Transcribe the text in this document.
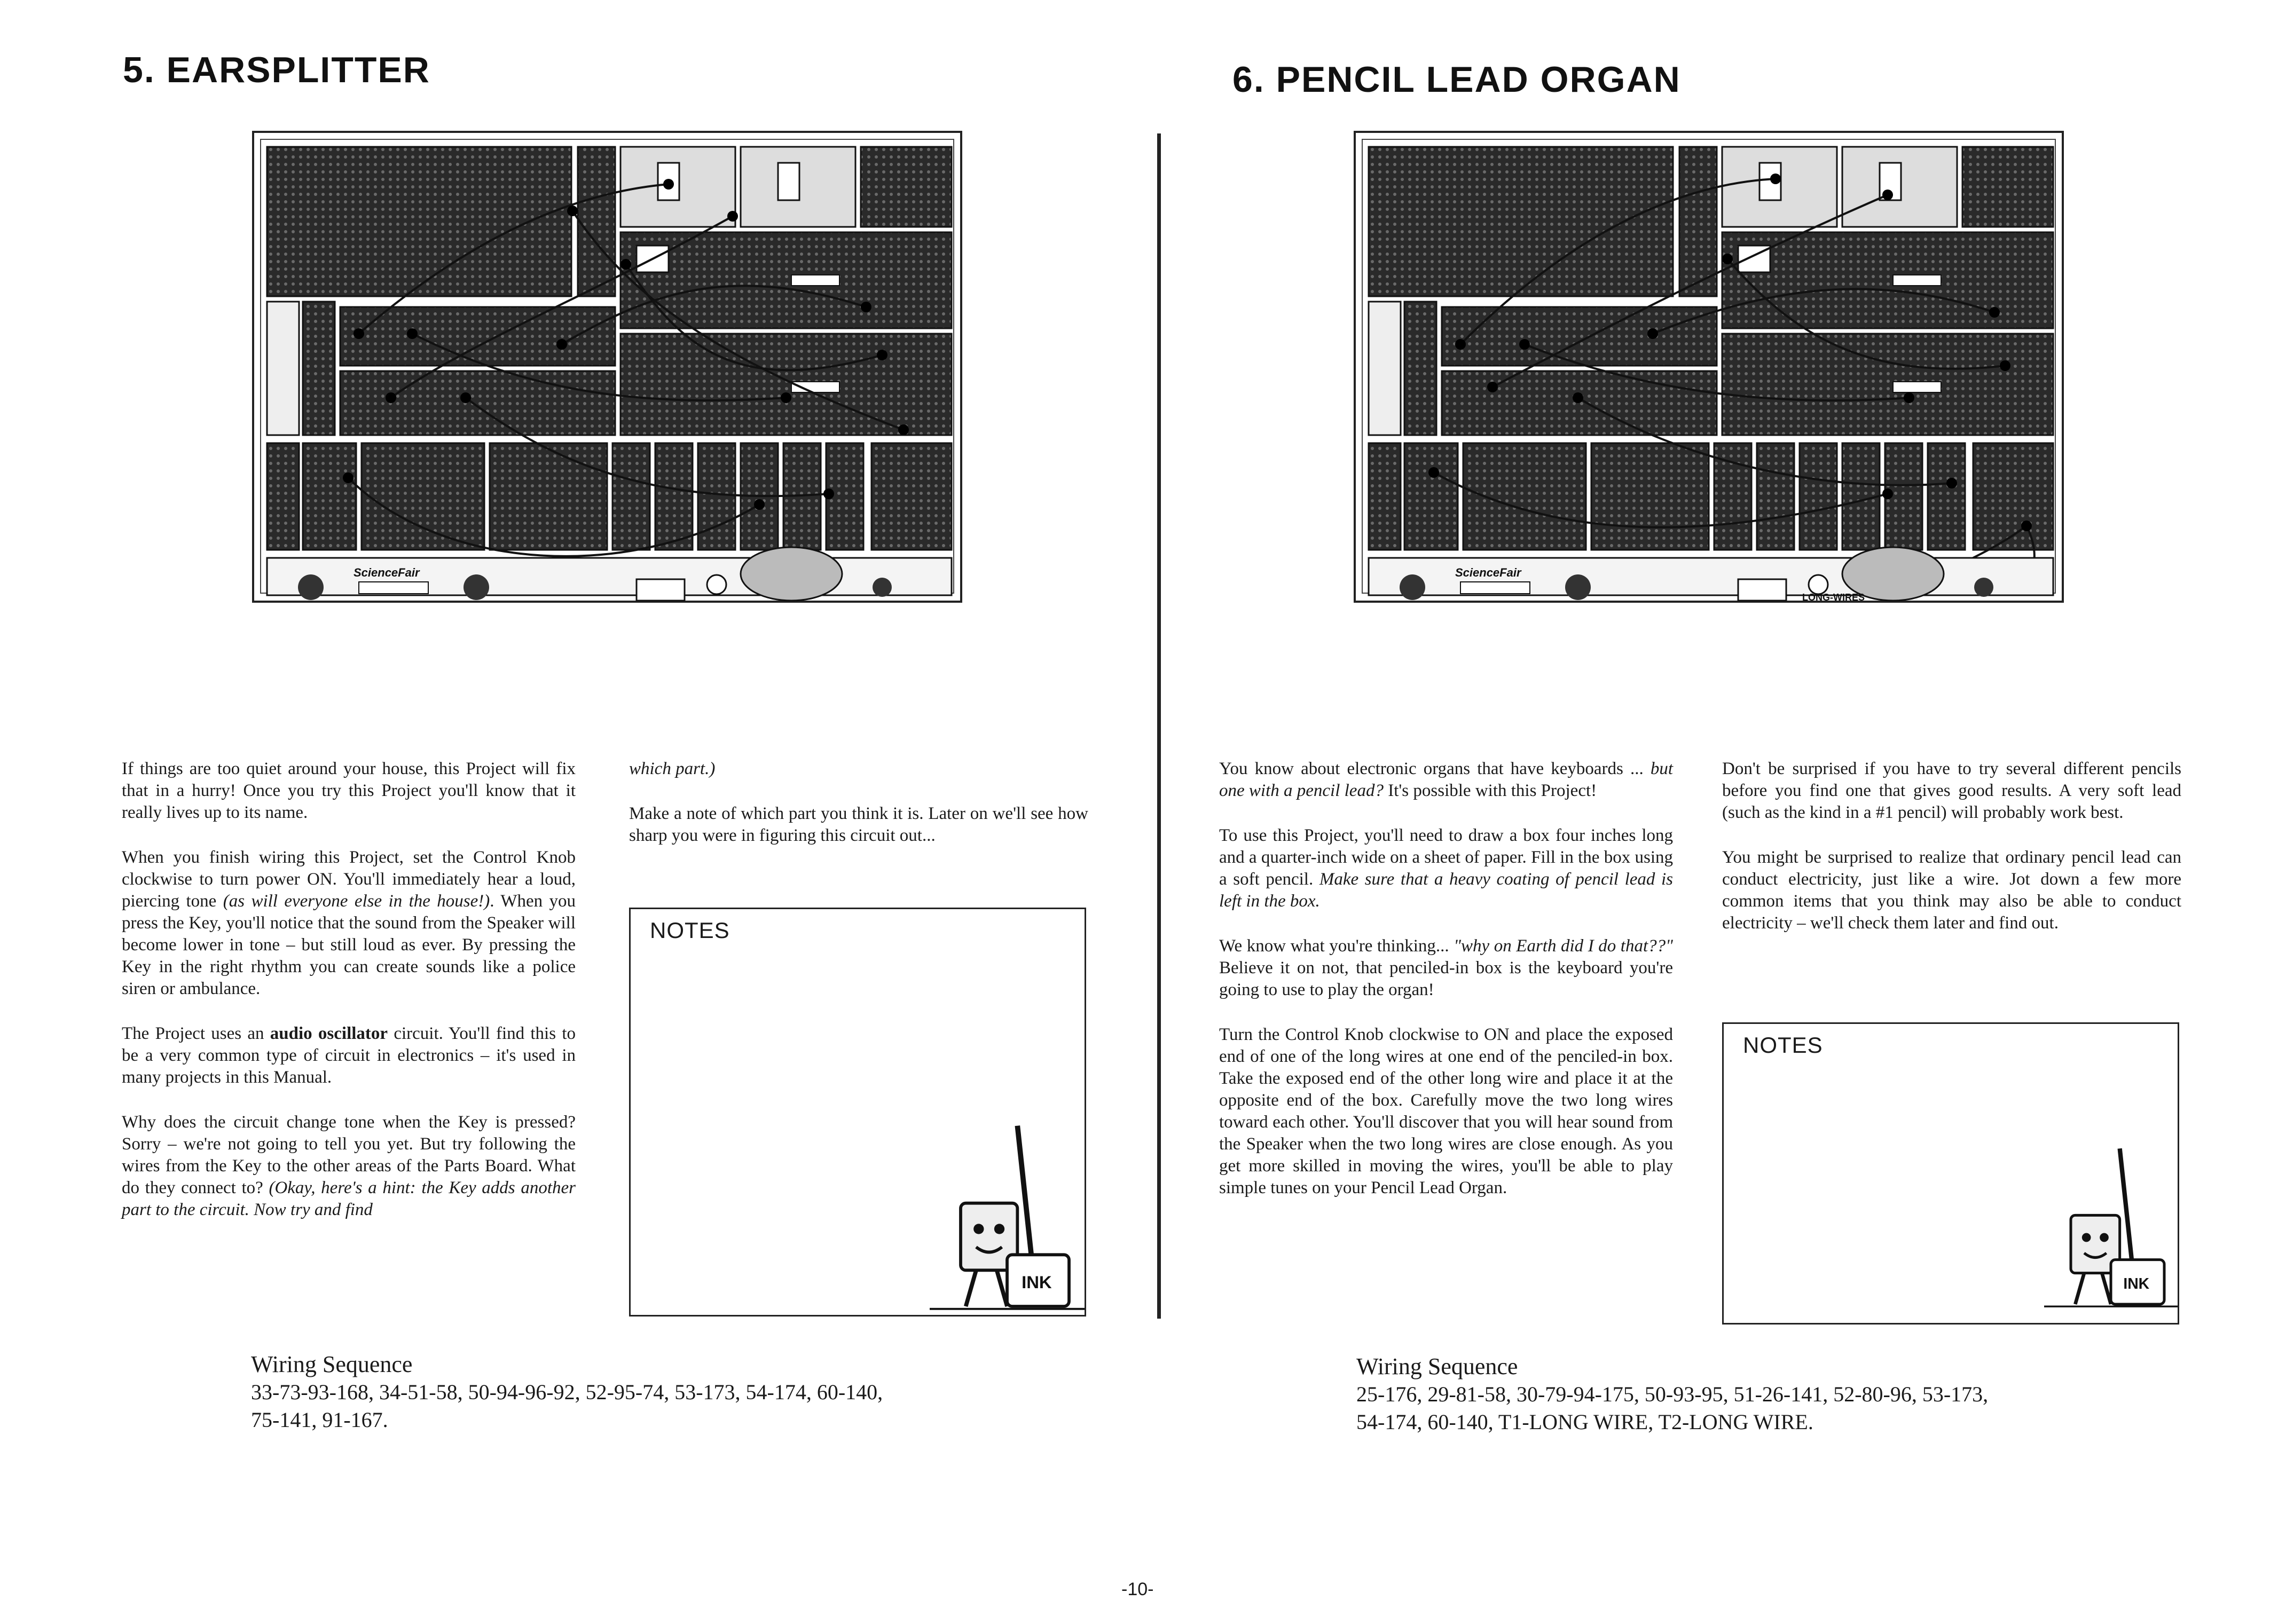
5. EARSPLITTER
ScienceFair

If things are too quiet around your house, this Project will fix that in a hurry! Once you try this Project you'll know that it really lives up to its name.

When you finish wiring this Project, set the Control Knob clockwise to turn power ON. You'll immediately hear a loud, piercing tone (as will everyone else in the house!). When you press the Key, you'll notice that the sound from the Speaker will become lower in tone – but still loud as ever. By pressing the Key in the right rhythm you can create sounds like a police siren or ambulance.

The Project uses an audio oscillator circuit. You'll find this to be a very common type of circuit in electronics – it's used in many projects in this Manual.

Why does the circuit change tone when the Key is pressed? Sorry – we're not going to tell you yet. But try following the wires from the Key to the other areas of the Parts Board. What do they connect to? (Okay, here's a hint: the Key adds another part to the circuit. Now try and find

which part.)

Make a note of which part you think it is. Later on we'll see how sharp you were in figuring this circuit out...

NOTES
INK
Wiring Sequence
33-73-93-168, 34-51-58, 50-94-96-92, 52-95-74, 53-173, 54-174, 60-140,
75-141, 91-167.
6. PENCIL LEAD ORGAN
ScienceFair
LONG-WIRES

You know about electronic organs that have keyboards ... but one with a pencil lead? It's possible with this Project!

To use this Project, you'll need to draw a box four inches long and a quarter-inch wide on a sheet of paper. Fill in the box using a soft pencil. Make sure that a heavy coating of pencil lead is left in the box.

We know what you're thinking... "why on Earth did I do that??" Believe it on not, that penciled-in box is the keyboard you're going to use to play the organ!

Turn the Control Knob clockwise to ON and place the exposed end of one of the long wires at one end of the penciled-in box. Take the exposed end of the other long wire and place it at the opposite end of the box. Carefully move the two long wires toward each other. You'll discover that you will hear sound from the Speaker when the two long wires are close enough. As you get more skilled in moving the wires, you'll be able to play simple tunes on your Pencil Lead Organ.

Don't be surprised if you have to try several different pencils before you find one that gives good results. A very soft lead (such as the kind in a #1 pencil) will probably work best.

You might be surprised to realize that ordinary pencil lead can conduct electricity, just like a wire. Jot down a few more common items that you think may also be able to conduct electricity – we'll check them later and find out.

NOTES
INK
Wiring Sequence
25-176, 29-81-58, 30-79-94-175, 50-93-95, 51-26-141, 52-80-96, 53-173,
54-174, 60-140, T1-LONG WIRE, T2-LONG WIRE.
-10-
